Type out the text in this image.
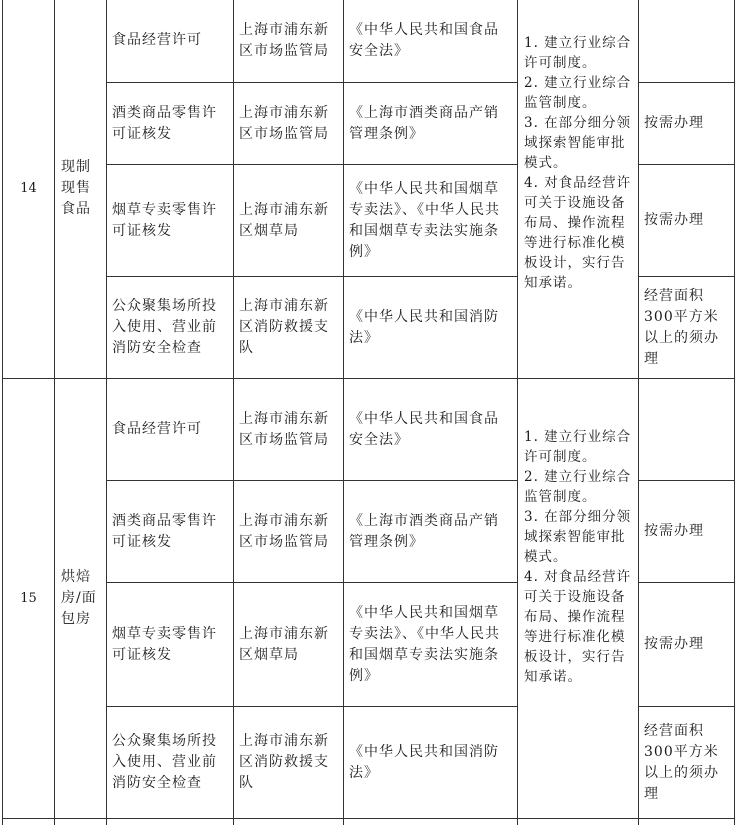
14	现制现售食品	食品经营许可	上海市浦东新区市场监管局	《中华人民共和国食品安全法》	1. 建立行业综合许可制度。
2. 建立行业综合监管制度。
3. 在部分细分领域探索智能审批模式。
4. 对食品经营许可关于设施设备布局、操作流程等进行标准化模板设计，实行告知承诺。	
		酒类商品零售许可证核发	上海市浦东新区市场监管局	《上海市酒类商品产销管理条例》		按需办理
		烟草专卖零售许可证核发	上海市浦东新区烟草局	《中华人民共和国烟草专卖法》、《中华人民共和国烟草专卖法实施条例》		按需办理
		公众聚集场所投入使用、营业前消防安全检查	上海市浦东新区消防救援支队	《中华人民共和国消防法》		经营面积300平方米以上的须办理
15	烘焙房/面包房	食品经营许可	上海市浦东新区市场监管局	《中华人民共和国食品安全法》	1. 建立行业综合许可制度。
2. 建立行业综合监管制度。
3. 在部分细分领域探索智能审批模式。
4. 对食品经营许可关于设施设备布局、操作流程等进行标准化模板设计，实行告知承诺。	
		酒类商品零售许可证核发	上海市浦东新区市场监管局	《上海市酒类商品产销管理条例》		按需办理
		烟草专卖零售许可证核发	上海市浦东新区烟草局	《中华人民共和国烟草专卖法》、《中华人民共和国烟草专卖法实施条例》		按需办理
		公众聚集场所投入使用、营业前消防安全检查	上海市浦东新区消防救援支队	《中华人民共和国消防法》		经营面积300平方米以上的须办理
